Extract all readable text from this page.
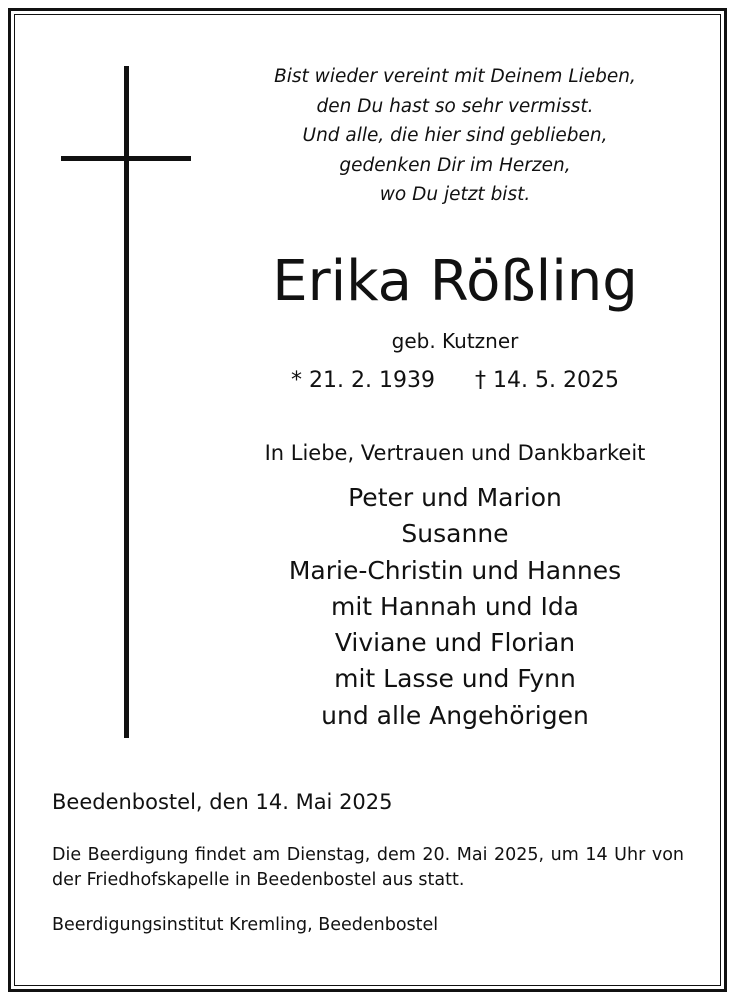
Bist wieder vereint mit Deinem Lieben,
den Du hast so sehr vermisst.
Und alle, die hier sind geblieben,
gedenken Dir im Herzen,
wo Du jetzt bist.
Erika Rößling
geb. Kutzner
* 21. 2. 1939 † 14. 5. 2025
In Liebe, Vertrauen und Dankbarkeit
Peter und Marion
Susanne
Marie-Christin und Hannes
mit Hannah und Ida
Viviane und Florian
mit Lasse und Fynn
und alle Angehörigen
Beedenbostel, den 14. Mai 2025
Die Beerdigung findet am Dienstag, dem 20. Mai 2025, um 14 Uhr von der Friedhofskapelle in Beedenbostel aus statt.
Beerdigungsinstitut Kremling, Beedenbostel
